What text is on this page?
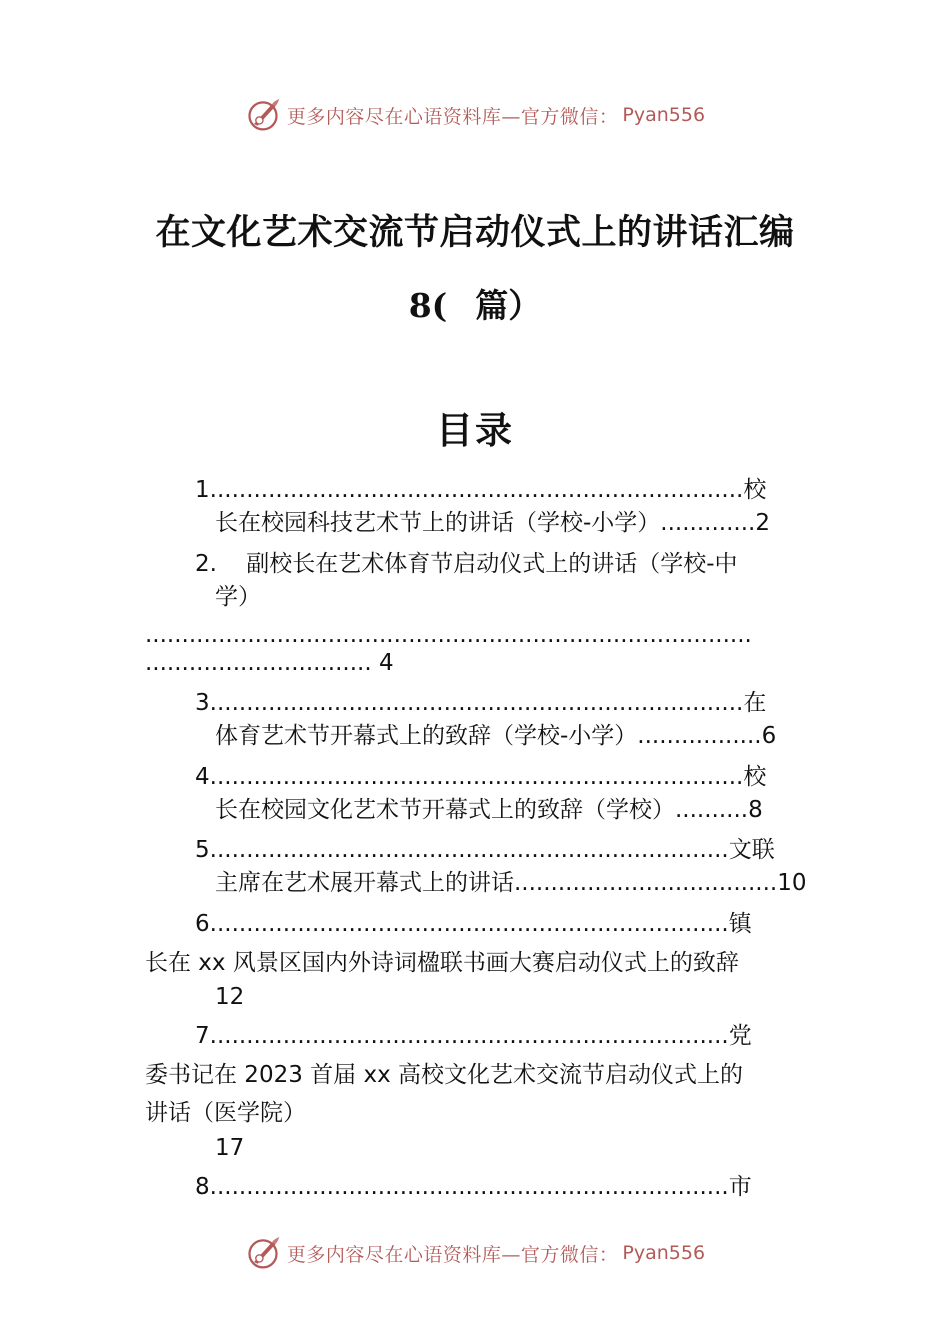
更多内容尽在心语资料库—官方微信： Pyan556
在文化艺术交流节启动仪式上的讲话汇编
8( 篇）
目录
1.........................................................................校
长在校园科技艺术节上的讲话（学校-小学）.............2
2.    副校长在艺术体育节启动仪式上的讲话（学校-中
学）
...................................................................................
............................... 4
3.........................................................................在
体育艺术节开幕式上的致辞（学校-小学）.................6
4.........................................................................校
长在校园文化艺术节开幕式上的致辞（学校）..........8
5.......................................................................文联
主席在艺术展开幕式上的讲话....................................10
6.......................................................................镇
长在 xx 风景区国内外诗词楹联书画大赛启动仪式上的致辞
12
7.......................................................................党
委书记在 2023 首届 xx 高校文化艺术交流节启动仪式上的
讲话（医学院）
17
8.......................................................................市
更多内容尽在心语资料库—官方微信： Pyan556
